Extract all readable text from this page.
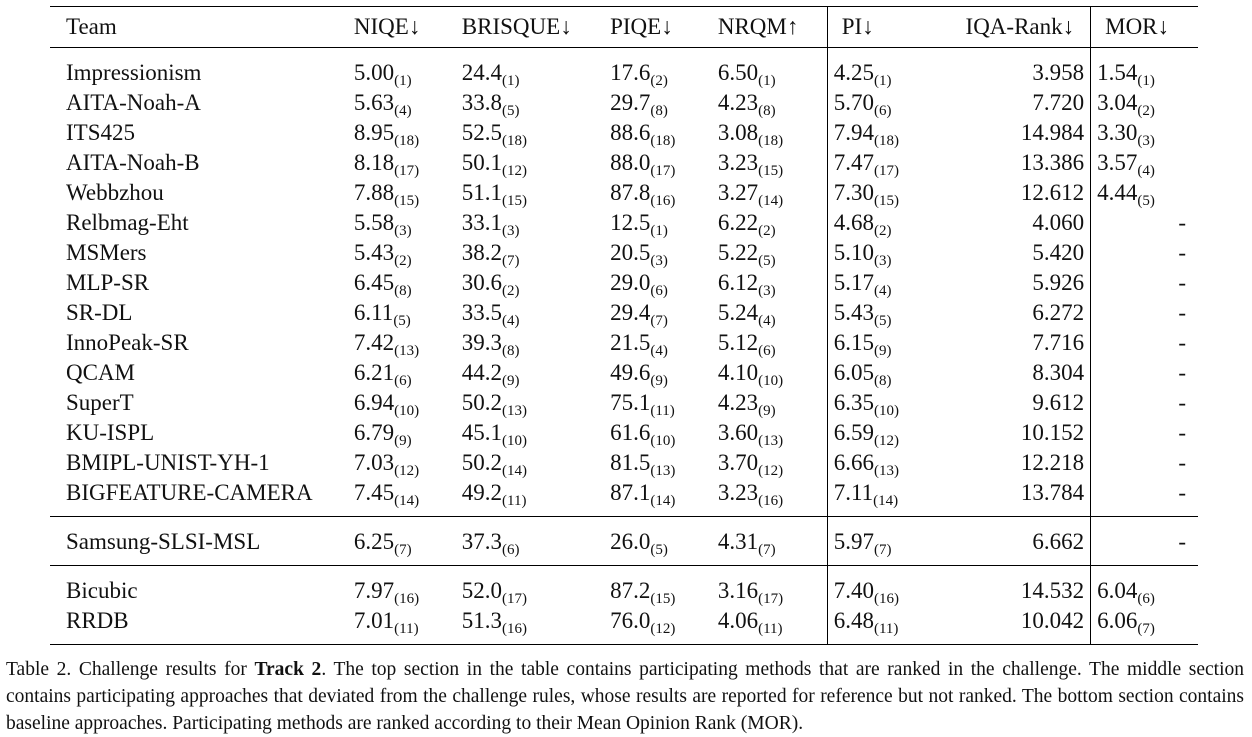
Team	NIQE↓	BRISQUE↓	PIQE↓	NRQM↑	PI↓	IQA-Rank↓	MOR↓
Impressionism	$5.00_{(1)}$	$24.4_{(1)}$	$17.6_{(2)}$	$6.50_{(1)}$	$4.25_{(1)}$	3.958	$1.54_{(1)}$
AITA-Noah-A	$5.63_{(4)}$	$33.8_{(5)}$	$29.7_{(8)}$	$4.23_{(8)}$	$5.70_{(6)}$	7.720	$3.04_{(2)}$
ITS425	$8.95_{(18)}$	$52.5_{(18)}$	$88.6_{(18)}$	$3.08_{(18)}$	$7.94_{(18)}$	14.984	$3.30_{(3)}$
AITA-Noah-B	$8.18_{(17)}$	$50.1_{(12)}$	$88.0_{(17)}$	$3.23_{(15)}$	$7.47_{(17)}$	13.386	$3.57_{(4)}$
Webbzhou	$7.88_{(15)}$	$51.1_{(15)}$	$87.8_{(16)}$	$3.27_{(14)}$	$7.30_{(15)}$	12.612	$4.44_{(5)}$
Relbmag-Eht	$5.58_{(3)}$	$33.1_{(3)}$	$12.5_{(1)}$	$6.22_{(2)}$	$4.68_{(2)}$	4.060	-
MSMers	$5.43_{(2)}$	$38.2_{(7)}$	$20.5_{(3)}$	$5.22_{(5)}$	$5.10_{(3)}$	5.420	-
MLP-SR	$6.45_{(8)}$	$30.6_{(2)}$	$29.0_{(6)}$	$6.12_{(3)}$	$5.17_{(4)}$	5.926	-
SR-DL	$6.11_{(5)}$	$33.5_{(4)}$	$29.4_{(7)}$	$5.24_{(4)}$	$5.43_{(5)}$	6.272	-
InnoPeak-SR	$7.42_{(13)}$	$39.3_{(8)}$	$21.5_{(4)}$	$5.12_{(6)}$	$6.15_{(9)}$	7.716	-
QCAM	$6.21_{(6)}$	$44.2_{(9)}$	$49.6_{(9)}$	$4.10_{(10)}$	$6.05_{(8)}$	8.304	-
SuperT	$6.94_{(10)}$	$50.2_{(13)}$	$75.1_{(11)}$	$4.23_{(9)}$	$6.35_{(10)}$	9.612	-
KU-ISPL	$6.79_{(9)}$	$45.1_{(10)}$	$61.6_{(10)}$	$3.60_{(13)}$	$6.59_{(12)}$	10.152	-
BMIPL-UNIST-YH-1	$7.03_{(12)}$	$50.2_{(14)}$	$81.5_{(13)}$	$3.70_{(12)}$	$6.66_{(13)}$	12.218	-
BIGFEATURE-CAMERA	$7.45_{(14)}$	$49.2_{(11)}$	$87.1_{(14)}$	$3.23_{(16)}$	$7.11_{(14)}$	13.784	-
Samsung-SLSI-MSL	$6.25_{(7)}$	$37.3_{(6)}$	$26.0_{(5)}$	$4.31_{(7)}$	$5.97_{(7)}$	6.662	-
Bicubic	$7.97_{(16)}$	$52.0_{(17)}$	$87.2_{(15)}$	$3.16_{(17)}$	$7.40_{(16)}$	14.532	$6.04_{(6)}$
RRDB	$7.01_{(11)}$	$51.3_{(16)}$	$76.0_{(12)}$	$4.06_{(11)}$	$6.48_{(11)}$	10.042	$6.06_{(7)}$

Table 2. Challenge results for Track 2. The top section in the table contains participating methods that are ranked in the challenge. The middle section contains participating approaches that deviated from the challenge rules, whose results are reported for reference but not ranked. The bottom section contains baseline approaches. Participating methods are ranked according to their Mean Opinion Rank (MOR).
